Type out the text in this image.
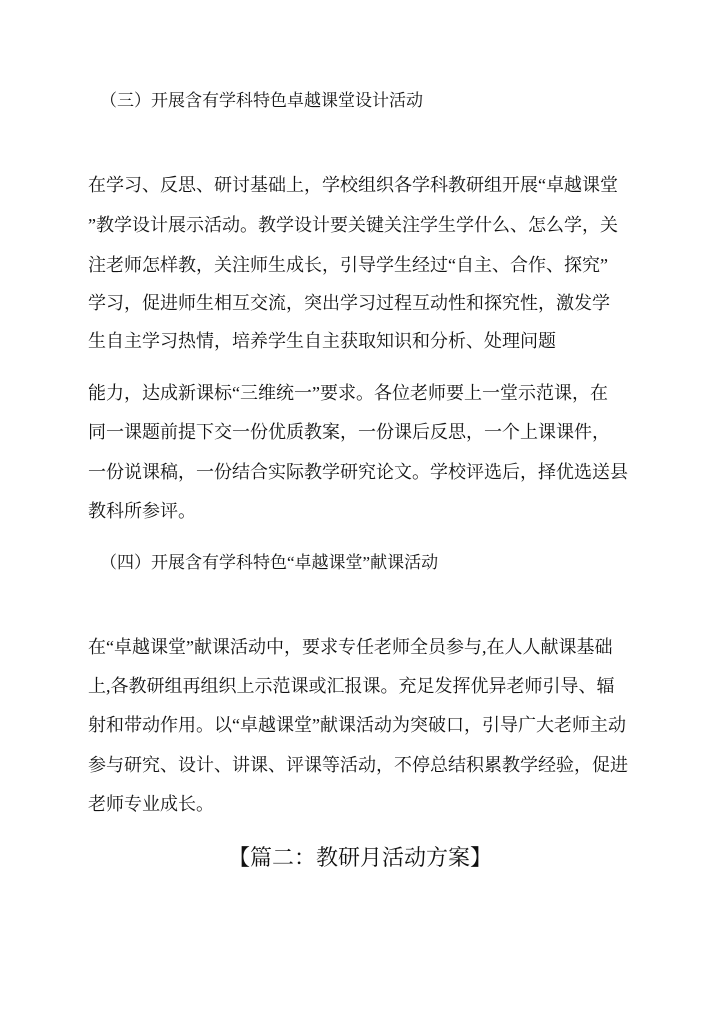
（三）开展含有学科特色卓越课堂设计活动
在学习、反思、研讨基础上，学校组织各学科教研组开展“卓越课堂
”教学设计展示活动。教学设计要关键关注学生学什么、怎么学，关
注老师怎样教，关注师生成长，引导学生经过“自主、合作、探究”
学习，促进师生相互交流，突出学习过程互动性和探究性，激发学
生自主学习热情，培养学生自主获取知识和分析、处理问题
能力，达成新课标“三维统一”要求。各位老师要上一堂示范课，在
同一课题前提下交一份优质教案，一份课后反思，一个上课课件，
一份说课稿，一份结合实际教学研究论文。学校评选后，择优选送县
教科所参评。
（四）开展含有学科特色“卓越课堂”献课活动
在“卓越课堂”献课活动中，要求专任老师全员参与,在人人献课基础
上,各教研组再组织上示范课或汇报课。充足发挥优异老师引导、辐
射和带动作用。以“卓越课堂”献课活动为突破口，引导广大老师主动
参与研究、设计、讲课、评课等活动，不停总结积累教学经验，促进
老师专业成长。
【篇二：教研月活动方案】
